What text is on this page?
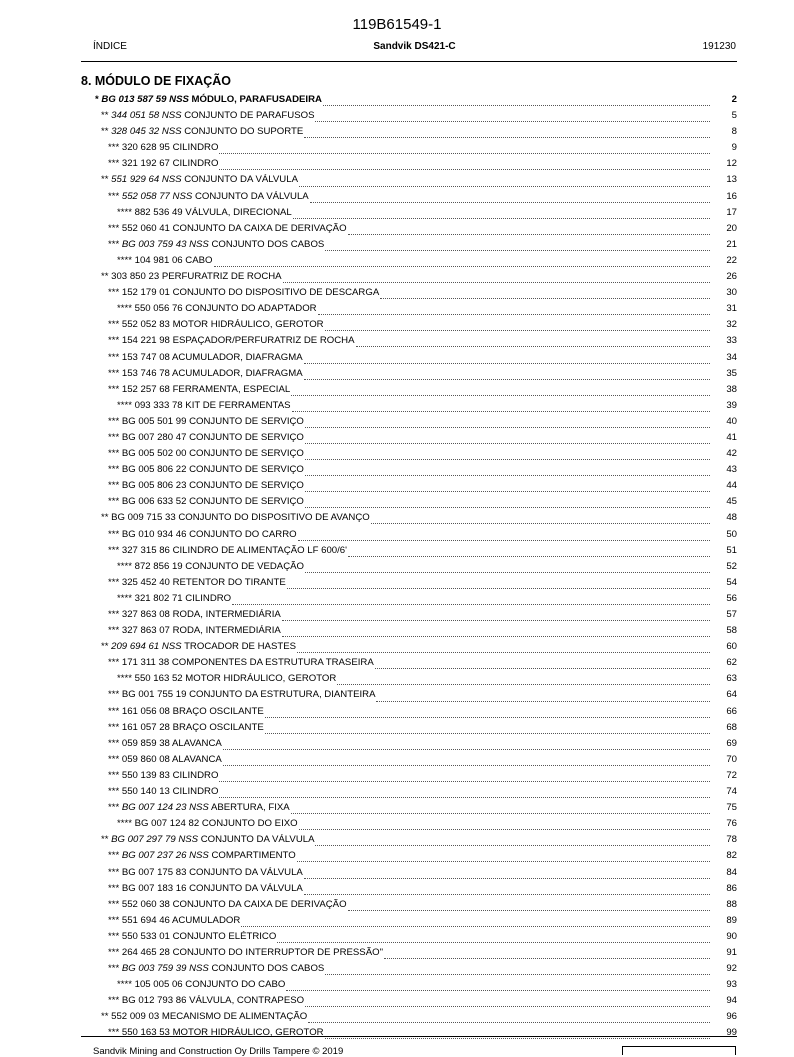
119B61549-1
ÍNDICE	Sandvik DS421-C	191230
8. MÓDULO DE FIXAÇÃO
* BG 013 587 59 NSS MÓDULO, PARAFUSADEIRA	2
** 344 051 58 NSS CONJUNTO DE PARAFUSOS	5
** 328 045 32 NSS CONJUNTO DO SUPORTE	8
*** 320 628 95 CILINDRO	9
*** 321 192 67 CILINDRO	12
** 551 929 64 NSS CONJUNTO DA VÁLVULA	13
*** 552 058 77 NSS CONJUNTO DA VÁLVULA	16
**** 882 536 49 VÁLVULA, DIRECIONAL	17
*** 552 060 41 CONJUNTO DA CAIXA DE DERIVAÇÃO	20
*** BG 003 759 43 NSS CONJUNTO DOS CABOS	21
**** 104 981 06 CABO	22
** 303 850 23 PERFURATRIZ DE ROCHA	26
*** 152 179 01 CONJUNTO DO DISPOSITIVO DE DESCARGA	30
**** 550 056 76 CONJUNTO DO ADAPTADOR	31
*** 552 052 83 MOTOR HIDRÁULICO, GEROTOR	32
*** 154 221 98 ESPAÇADOR/PERFURATRIZ DE ROCHA	33
*** 153 747 08 ACUMULADOR, DIAFRAGMA	34
*** 153 746 78 ACUMULADOR, DIAFRAGMA	35
*** 152 257 68 FERRAMENTA, ESPECIAL	38
**** 093 333 78 KIT DE FERRAMENTAS	39
*** BG 005 501 99 CONJUNTO DE SERVIÇO	40
*** BG 007 280 47 CONJUNTO DE SERVIÇO	41
*** BG 005 502 00 CONJUNTO DE SERVIÇO	42
*** BG 005 806 22 CONJUNTO DE SERVIÇO	43
*** BG 005 806 23 CONJUNTO DE SERVIÇO	44
*** BG 006 633 52 CONJUNTO DE SERVIÇO	45
** BG 009 715 33 CONJUNTO DO DISPOSITIVO DE AVANÇO	48
*** BG 010 934 46 CONJUNTO DO CARRO	50
*** 327 315 86 CILINDRO DE ALIMENTAÇÃO LF 600/6'	51
**** 872 856 19 CONJUNTO DE VEDAÇÃO	52
*** 325 452 40 RETENTOR DO TIRANTE	54
**** 321 802 71 CILINDRO	56
*** 327 863 08 RODA, INTERMEDIÁRIA	57
*** 327 863 07 RODA, INTERMEDIÁRIA	58
** 209 694 61 NSS TROCADOR DE HASTES	60
*** 171 311 38 COMPONENTES DA ESTRUTURA TRASEIRA	62
**** 550 163 52 MOTOR HIDRÁULICO, GEROTOR	63
*** BG 001 755 19 CONJUNTO DA ESTRUTURA, DIANTEIRA	64
*** 161 056 08 BRAÇO OSCILANTE	66
*** 161 057 28 BRAÇO OSCILANTE	68
*** 059 859 38 ALAVANCA	69
*** 059 860 08 ALAVANCA	70
*** 550 139 83 CILINDRO	72
*** 550 140 13 CILINDRO	74
*** BG 007 124 23 NSS ABERTURA, FIXA	75
**** BG 007 124 82 CONJUNTO DO EIXO	76
** BG 007 297 79 NSS CONJUNTO DA VÁLVULA	78
*** BG 007 237 26 NSS COMPARTIMENTO	82
*** BG 007 175 83 CONJUNTO DA VÁLVULA	84
*** BG 007 183 16 CONJUNTO DA VÁLVULA	86
*** 552 060 38 CONJUNTO DA CAIXA DE DERIVAÇÃO	88
*** 551 694 46 ACUMULADOR	89
*** 550 533 01 CONJUNTO ELÉTRICO	90
*** 264 465 28 CONJUNTO DO INTERRUPTOR DE PRESSÃO"	91
*** BG 003 759 39 NSS CONJUNTO DOS CABOS	92
**** 105 005 06 CONJUNTO DO CABO	93
*** BG 012 793 86 VÁLVULA, CONTRAPESO	94
** 552 009 03 MECANISMO DE ALIMENTAÇÃO	96
*** 550 163 53 MOTOR HIDRÁULICO, GEROTOR	99
Sandvik Mining and Construction Oy Drills Tampere © 2019
